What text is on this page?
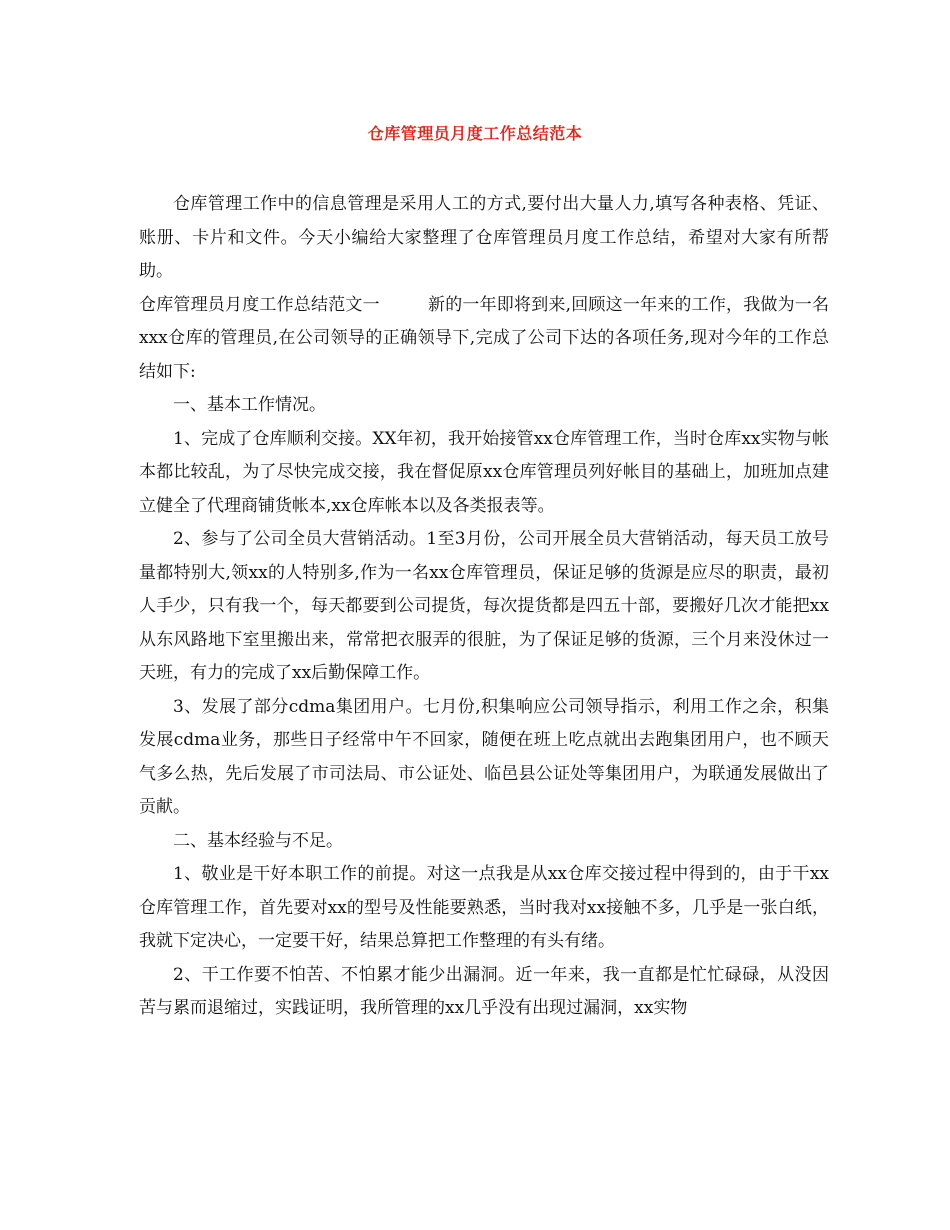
仓库管理员月度工作总结范本

仓库管理工作中的信息管理是采用人工的方式,要付出大量人力,填写各种表格、凭证、账册、卡片和文件。今天小编给大家整理了仓库管理员月度工作总结，希望对大家有所帮助。

仓库管理员月度工作总结范文一	新的一年即将到来,回顾这一年来的工作，我做为一名xxx仓库的管理员,在公司领导的正确领导下,完成了公司下达的各项任务,现对今年的工作总结如下:

一、基本工作情况。

1、完成了仓库顺利交接。XX年初，我开始接管xx仓库管理工作，当时仓库xx实物与帐本都比较乱，为了尽快完成交接，我在督促原xx仓库管理员列好帐目的基础上，加班加点建立健全了代理商铺货帐本,xx仓库帐本以及各类报表等。

2、参与了公司全员大营销活动。1至3月份，公司开展全员大营销活动，每天员工放号量都特别大,领xx的人特别多,作为一名xx仓库管理员，保证足够的货源是应尽的职责，最初人手少，只有我一个，每天都要到公司提货，每次提货都是四五十部，要搬好几次才能把xx从东风路地下室里搬出来，常常把衣服弄的很脏，为了保证足够的货源，三个月来没休过一天班，有力的完成了xx后勤保障工作。

3、发展了部分cdma集团用户。七月份,积集响应公司领导指示，利用工作之余，积集发展cdma业务，那些日子经常中午不回家，随便在班上吃点就出去跑集团用户，也不顾天气多么热，先后发展了市司法局、市公证处、临邑县公证处等集团用户，为联通发展做出了贡献。

二、基本经验与不足。

1、敬业是干好本职工作的前提。对这一点我是从xx仓库交接过程中得到的，由于干xx仓库管理工作，首先要对xx的型号及性能要熟悉，当时我对xx接触不多，几乎是一张白纸，我就下定决心，一定要干好，结果总算把工作整理的有头有绪。

2、干工作要不怕苦、不怕累才能少出漏洞。近一年来，我一直都是忙忙碌碌，从没因苦与累而退缩过，实践证明，我所管理的xx几乎没有出现过漏洞，xx实物
